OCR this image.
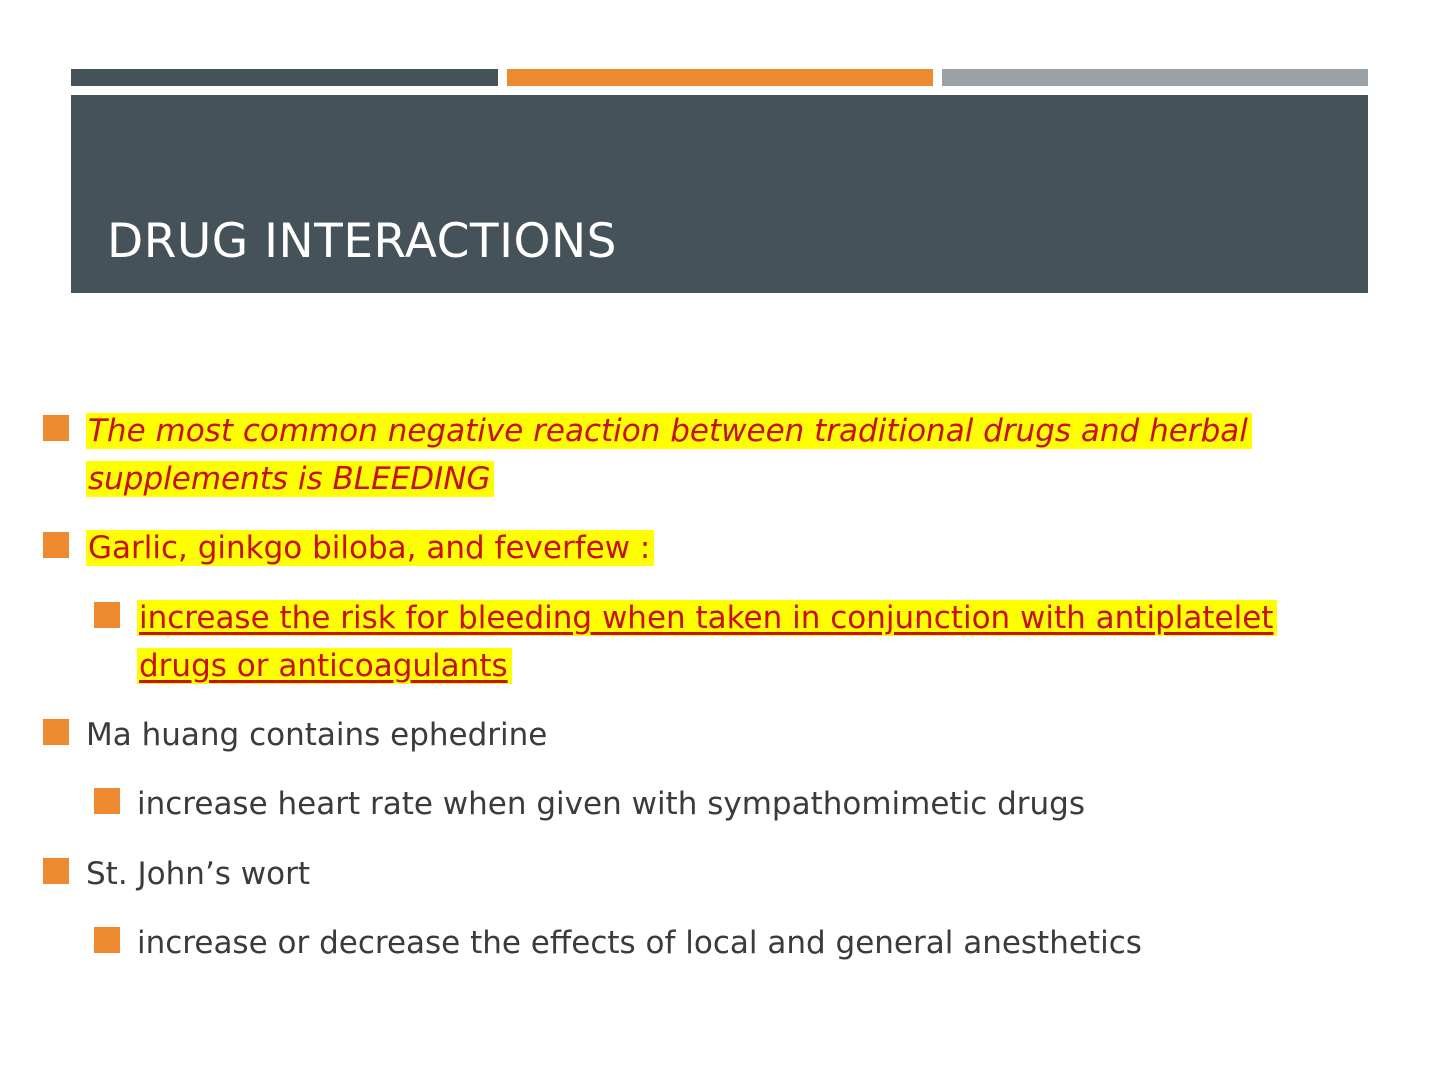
DRUG INTERACTIONS
The most common negative reaction between traditional drugs and herbal supplements is BLEEDING
Garlic, ginkgo biloba, and feverfew :
increase the risk for bleeding when taken in conjunction with antiplatelet drugs or anticoagulants
Ma huang contains ephedrine
increase heart rate when given with sympathomimetic drugs
St. John’s wort
increase or decrease the effects of local and general anesthetics
